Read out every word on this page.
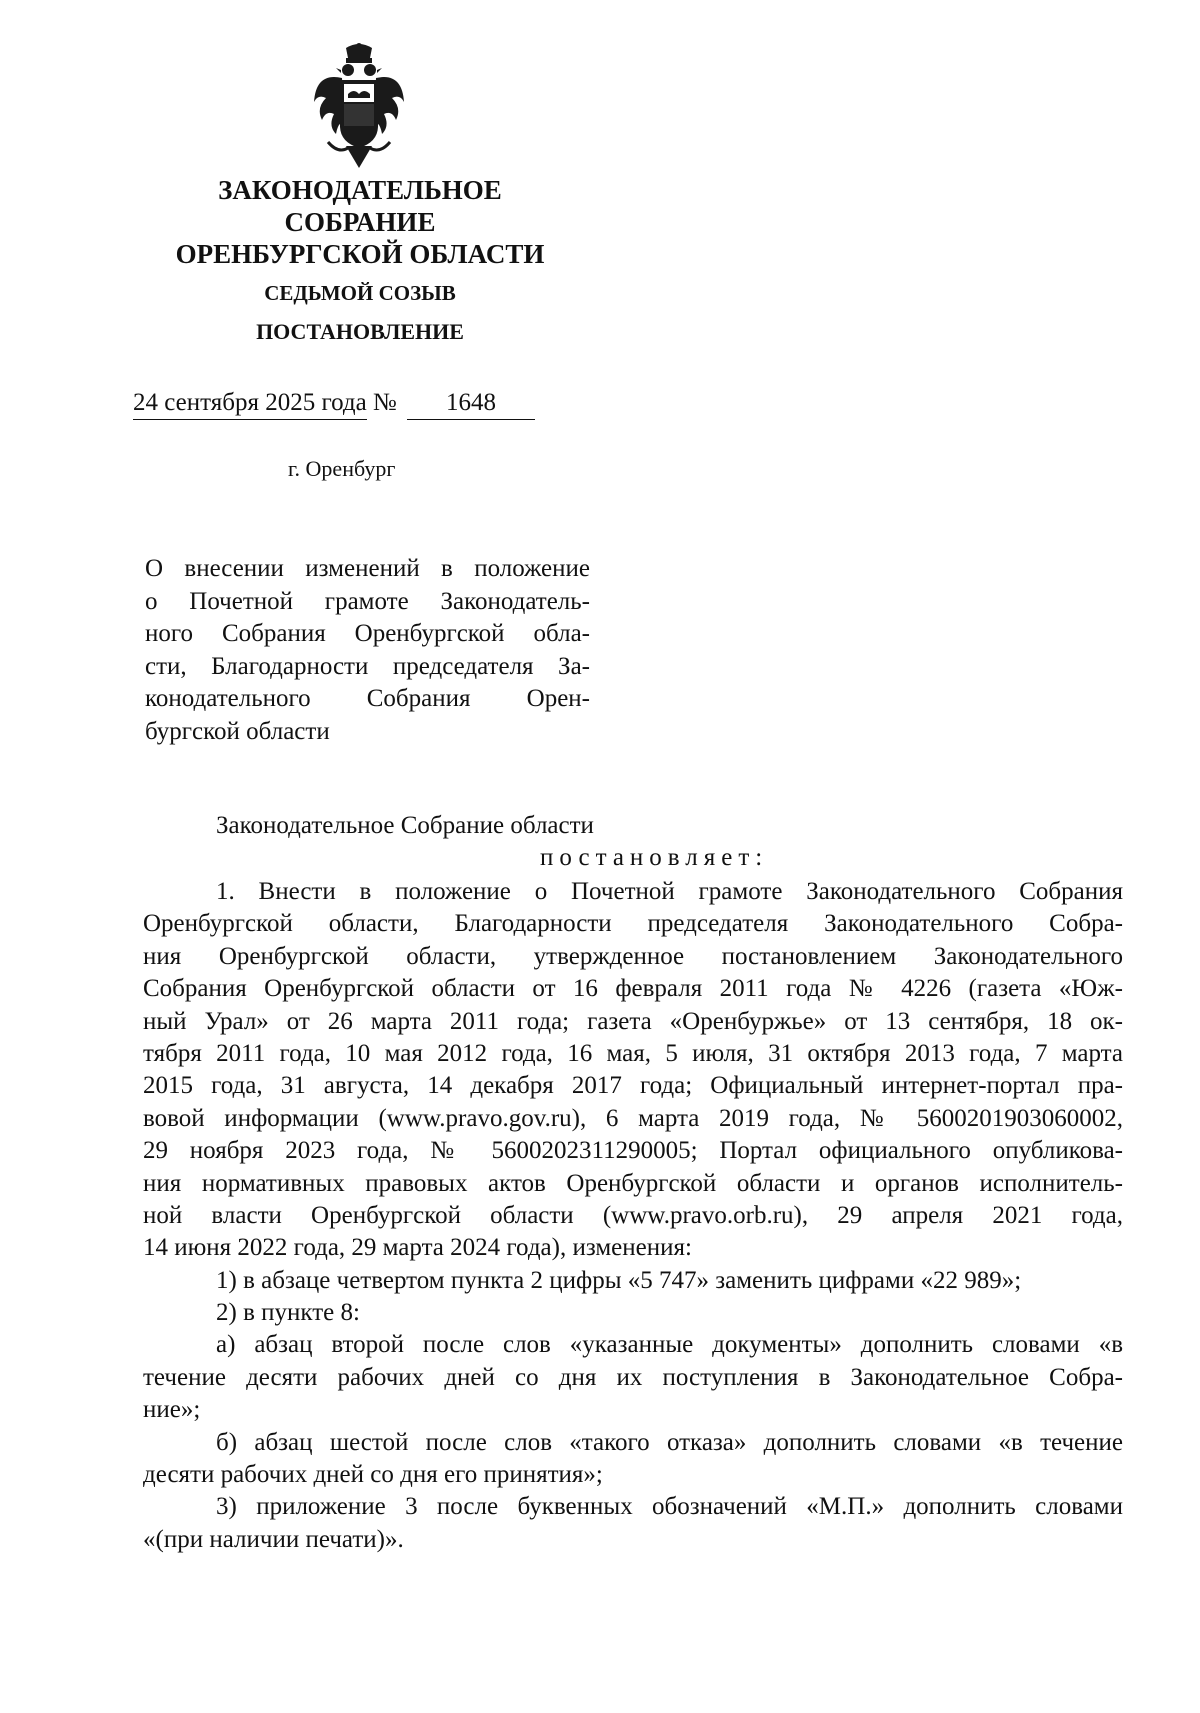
ЗАКОНОДАТЕЛЬНОЕ
СОБРАНИЕ
ОРЕНБУРГСКОЙ ОБЛАСТИ
СЕДЬМОЙ СОЗЫВ
ПОСТАНОВЛЕНИЕ
24 сентября 2025 года № 1648
г. Оренбург
О внесении изменений в положение
о Почетной грамоте Законодатель-
ного Собрания Оренбургской обла-
сти, Благодарности председателя За-
конодательного Собрания Орен-
бургской области
Законодательное Собрание области
постановляет:
1. Внести в положение о Почетной грамоте Законодательного Собрания
Оренбургской области, Благодарности председателя Законодательного Собра-
ния Оренбургской области, утвержденное постановлением Законодательного
Собрания Оренбургской области от 16 февраля 2011 года № 4226 (газета «Юж-
ный Урал» от 26 марта 2011 года; газета «Оренбуржье» от 13 сентября, 18 ок-
тября 2011 года, 10 мая 2012 года, 16 мая, 5 июля, 31 октября 2013 года, 7 марта
2015 года, 31 августа, 14 декабря 2017 года; Официальный интернет-портал пра-
вовой информации (www.pravo.gov.ru), 6 марта 2019 года, № 5600201903060002,
29 ноября 2023 года, № 5600202311290005; Портал официального опубликова-
ния нормативных правовых актов Оренбургской области и органов исполнитель-
ной власти Оренбургской области (www.pravo.orb.ru), 29 апреля 2021 года,
14 июня 2022 года, 29 марта 2024 года), изменения:
1) в абзаце четвертом пункта 2 цифры «5 747» заменить цифрами «22 989»;
2) в пункте 8:
а) абзац второй после слов «указанные документы» дополнить словами «в
течение десяти рабочих дней со дня их поступления в Законодательное Собра-
ние»;
б) абзац шестой после слов «такого отказа» дополнить словами «в течение
десяти рабочих дней со дня его принятия»;
3) приложение 3 после буквенных обозначений «М.П.» дополнить словами
«(при наличии печати)».
